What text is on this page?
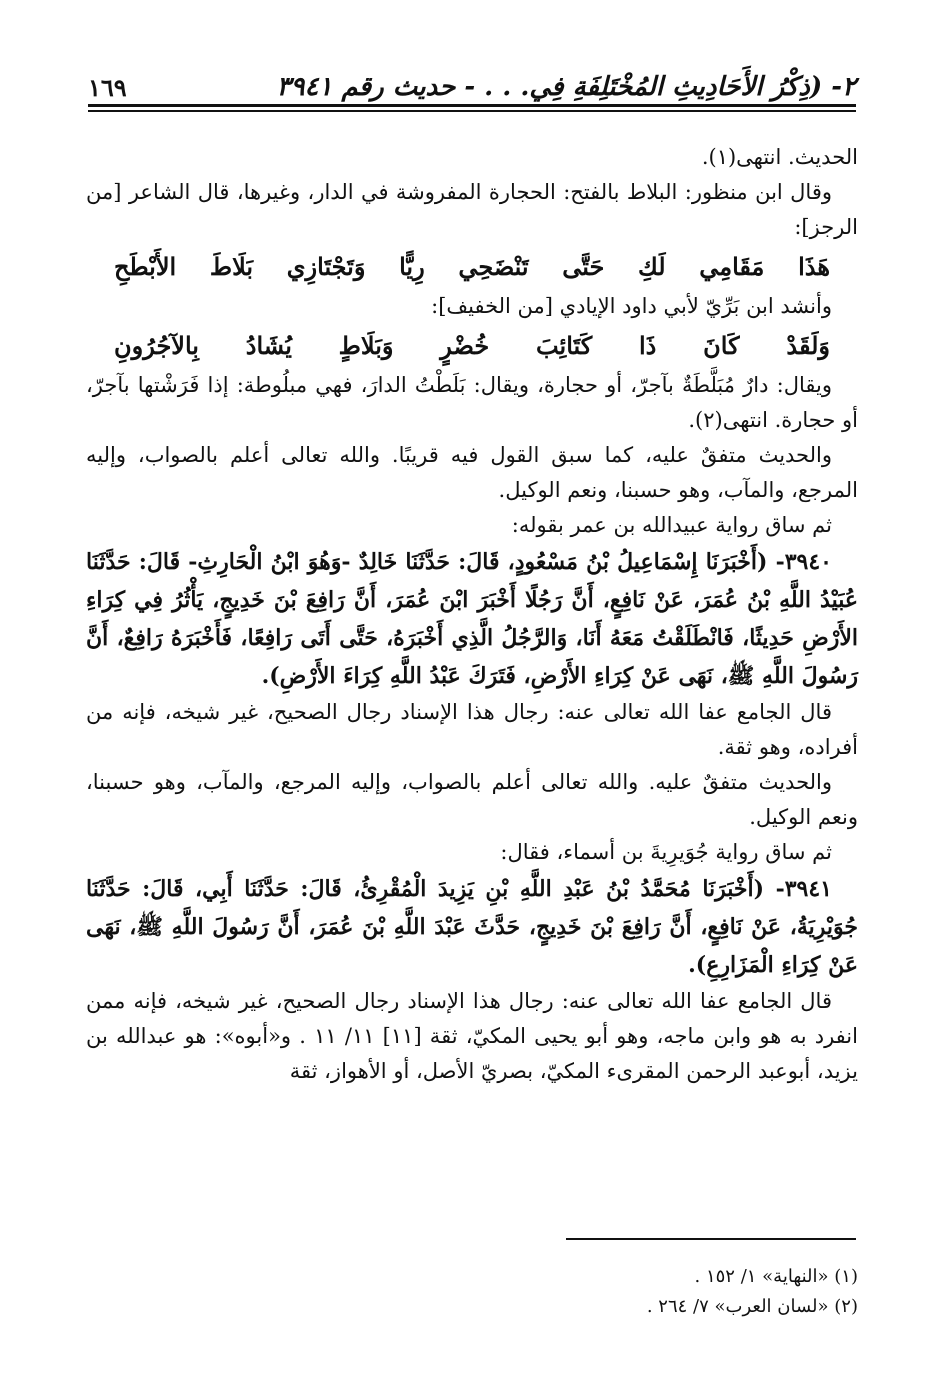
٢- (ذِكْرُ الأَحَادِيثِ المُخْتَلِفَةِ فِي. . . - حديث رقم ٣٩٤١
١٦٩

الحديث. انتهى(١).

وقال ابن منظور: البلاط بالفتح: الحجارة المفروشة في الدار، وغيرها، قال الشاعر [من الرجز]:

هَذَا مَقَامِي لَكِ حَتَّى تَنْضَحِي رِيًّا وَتَجْتَازِي بَلَاطَ الأَبْطَحِ

وأنشد ابن بَرِّيّ لأبي داود الإيادي [من الخفيف]:

وَلَقَدْ كَانَ ذَا كَتَائِبَ خُضْرٍ وَبَلَاطٍ يُشَادُ بِالآجُرُونِ

ويقال: دارٌ مُبَلَّطَةٌ بآجرّ، أو حجارة، ويقال: بَلَطْتُ الدارَ، فهي مبلُوطة: إذا فَرَشْتها بآجرّ، أو حجارة. انتهى(٢).

والحديث متفقٌ عليه، كما سبق القول فيه قريبًا. والله تعالى أعلم بالصواب، وإليه المرجع، والمآب، وهو حسبنا، ونعم الوكيل.

ثم ساق رواية عبيدالله بن عمر بقوله:

٣٩٤٠- (أَخْبَرَنَا إِسْمَاعِيلُ بْنُ مَسْعُودٍ، قَالَ: حَدَّثَنَا خَالِدٌ -وَهُوَ ابْنُ الْحَارِثِ- قَالَ: حَدَّثَنَا عُبَيْدُ اللَّهِ بْنُ عُمَرَ، عَنْ نَافِعٍ، أَنَّ رَجُلًا أَخْبَرَ ابْنَ عُمَرَ، أَنَّ رَافِعَ بْنَ خَدِيجٍ، يَأْثُرُ فِي كِرَاءِ الأَرْضِ حَدِيثًا، فَانْطَلَقْتُ مَعَهُ أَنَا، وَالرَّجُلُ الَّذِي أَخْبَرَهُ، حَتَّى أَتَى رَافِعًا، فَأَخْبَرَهُ رَافِعٌ، أَنَّ رَسُولَ اللَّهِ ﷺ، نَهَى عَنْ كِرَاءِ الأَرْضِ، فَتَرَكَ عَبْدُ اللَّهِ كِرَاءَ الأَرْضِ).

قال الجامع عفا الله تعالى عنه: رجال هذا الإسناد رجال الصحيح، غير شيخه، فإنه من أفراده، وهو ثقة.

والحديث متفقٌ عليه. والله تعالى أعلم بالصواب، وإليه المرجع، والمآب، وهو حسبنا، ونعم الوكيل.

ثم ساق رواية جُوَيرِيةَ بن أسماء، فقال:

٣٩٤١- (أَخْبَرَنَا مُحَمَّدُ بْنُ عَبْدِ اللَّهِ بْنِ يَزِيدَ الْمُقْرِئُ، قَالَ: حَدَّثَنَا أَبِي، قَالَ: حَدَّثَنَا جُوَيْرِيَةُ، عَنْ نَافِعٍ، أَنَّ رَافِعَ بْنَ خَدِيجٍ، حَدَّثَ عَبْدَ اللَّهِ بْنَ عُمَرَ، أَنَّ رَسُولَ اللَّهِ ﷺ، نَهَى عَنْ كِرَاءِ الْمَزَارِعِ).

قال الجامع عفا الله تعالى عنه: رجال هذا الإسناد رجال الصحيح، غير شيخه، فإنه ممن انفرد به هو وابن ماجه، وهو أبو يحيى المكيّ، ثقة [١١] ١١/ ١١ . و«أبوه»: هو عبدالله بن يزيد، أبوعبد الرحمن المقرىء المكيّ، بصريّ الأصل، أو الأهواز، ثقة

(١) «النهاية» ١/ ١٥٢ .

(٢) «لسان العرب» ٧/ ٢٦٤ .
